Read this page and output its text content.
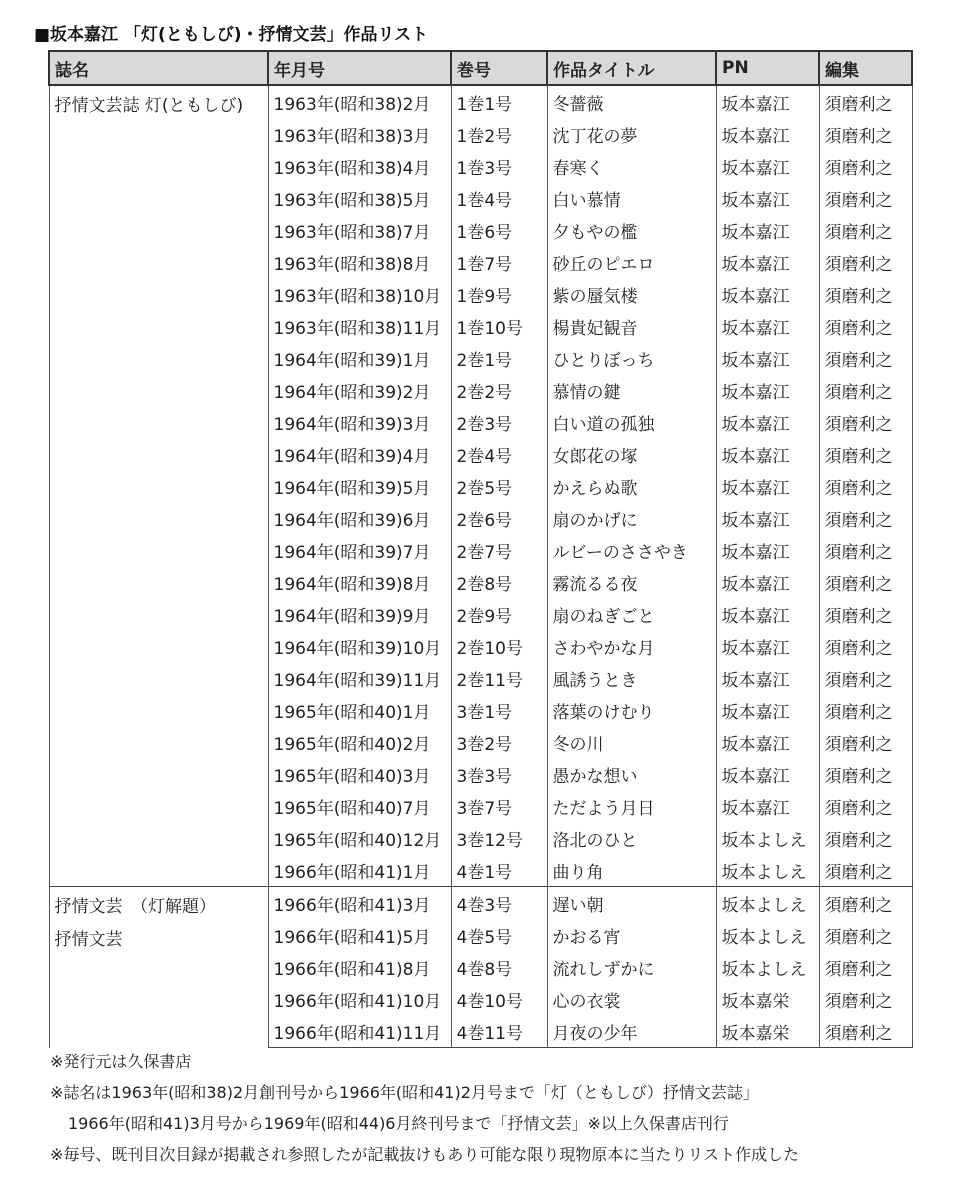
■坂本嘉江 「灯(ともしび)・抒情文芸」作品リスト
誌名	年月号	巻号	作品タイトル	PN	編集

抒情文芸誌 灯(ともしび)	1963年(昭和38)2月	1巻1号	冬薔薇	坂本嘉江	須磨利之
	1963年(昭和38)3月	1巻2号	沈丁花の夢	坂本嘉江	須磨利之
	1963年(昭和38)4月	1巻3号	春寒く	坂本嘉江	須磨利之
	1963年(昭和38)5月	1巻4号	白い慕情	坂本嘉江	須磨利之
	1963年(昭和38)7月	1巻6号	夕もやの檻	坂本嘉江	須磨利之
	1963年(昭和38)8月	1巻7号	砂丘のピエロ	坂本嘉江	須磨利之
	1963年(昭和38)10月	1巻9号	紫の蜃気楼	坂本嘉江	須磨利之
	1963年(昭和38)11月	1巻10号	楊貴妃観音	坂本嘉江	須磨利之
	1964年(昭和39)1月	2巻1号	ひとりぼっち	坂本嘉江	須磨利之
	1964年(昭和39)2月	2巻2号	慕情の鍵	坂本嘉江	須磨利之
	1964年(昭和39)3月	2巻3号	白い道の孤独	坂本嘉江	須磨利之
	1964年(昭和39)4月	2巻4号	女郎花の塚	坂本嘉江	須磨利之
	1964年(昭和39)5月	2巻5号	かえらぬ歌	坂本嘉江	須磨利之
	1964年(昭和39)6月	2巻6号	扇のかげに	坂本嘉江	須磨利之
	1964年(昭和39)7月	2巻7号	ルビーのささやき	坂本嘉江	須磨利之
	1964年(昭和39)8月	2巻8号	霧流るる夜	坂本嘉江	須磨利之
	1964年(昭和39)9月	2巻9号	扇のねぎごと	坂本嘉江	須磨利之
	1964年(昭和39)10月	2巻10号	さわやかな月	坂本嘉江	須磨利之
	1964年(昭和39)11月	2巻11号	風誘うとき	坂本嘉江	須磨利之
	1965年(昭和40)1月	3巻1号	落葉のけむり	坂本嘉江	須磨利之
	1965年(昭和40)2月	3巻2号	冬の川	坂本嘉江	須磨利之
	1965年(昭和40)3月	3巻3号	愚かな想い	坂本嘉江	須磨利之
	1965年(昭和40)7月	3巻7号	ただよう月日	坂本嘉江	須磨利之
	1965年(昭和40)12月	3巻12号	洛北のひと	坂本よしえ	須磨利之
	1966年(昭和41)1月	4巻1号	曲り角	坂本よしえ	須磨利之

抒情文芸　（灯解題）
抒情文芸	1966年(昭和41)3月	4巻3号	遅い朝	坂本よしえ	須磨利之
	1966年(昭和41)5月	4巻5号	かおる宵	坂本よしえ	須磨利之
	1966年(昭和41)8月	4巻8号	流れしずかに	坂本よしえ	須磨利之
	1966年(昭和41)10月	4巻10号	心の衣裳	坂本嘉栄	須磨利之
	1966年(昭和41)11月	4巻11号	月夜の少年	坂本嘉栄	須磨利之
※発行元は久保書店
※誌名は1963年(昭和38)2月創刊号から1966年(昭和41)2月号まで「灯（ともしび）抒情文芸誌」
1966年(昭和41)3月号から1969年(昭和44)6月終刊号まで「抒情文芸」※以上久保書店刊行
※毎号、既刊目次目録が掲載され参照したが記載抜けもあり可能な限り現物原本に当たりリスト作成した
